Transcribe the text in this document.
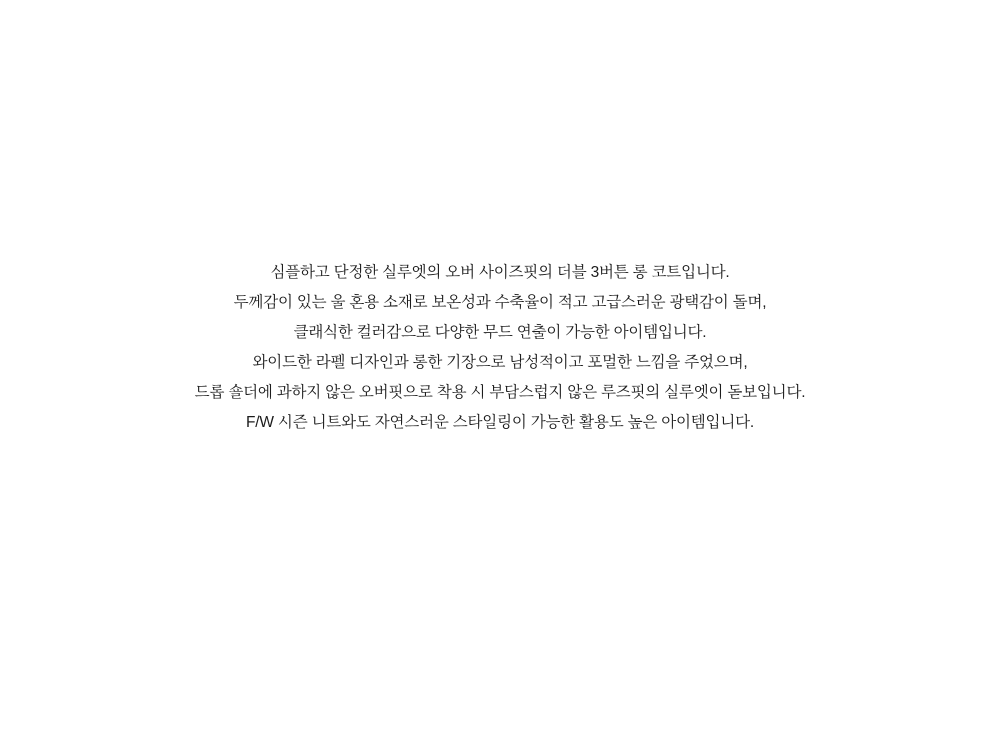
심플하고 단정한 실루엣의 오버 사이즈핏의 더블 3버튼 롱 코트입니다.
두께감이 있는 울 혼용 소재로 보온성과 수축율이 적고 고급스러운 광택감이 돌며,
클래식한 컬러감으로 다양한 무드 연출이 가능한 아이템입니다.
와이드한 라펠 디자인과 롱한 기장으로 남성적이고 포멀한 느낌을 주었으며,
드롭 숄더에 과하지 않은 오버핏으로 착용 시 부담스럽지 않은 루즈핏의 실루엣이 돋보입니다.
F/W 시즌 니트와도 자연스러운 스타일링이 가능한 활용도 높은 아이템입니다.
